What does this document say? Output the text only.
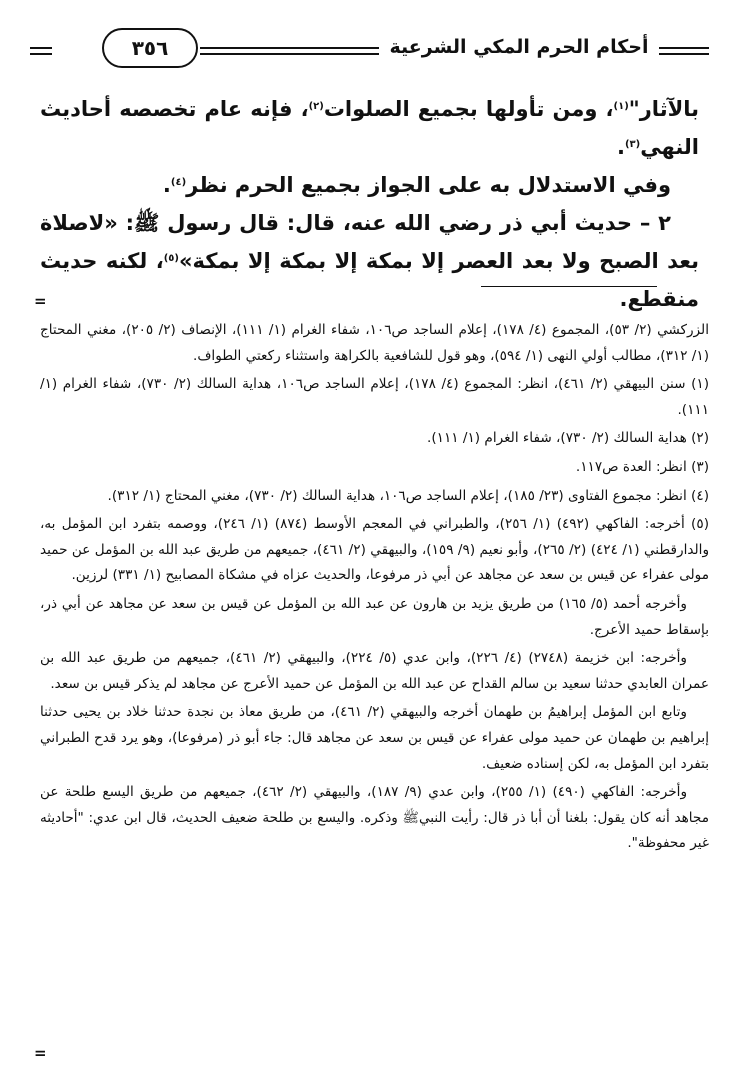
أحكام الحرم المكي الشرعية
٣٥٦

بالآثار"$^{(١)}$، ومن تأولها بجميع الصلوات$^{(٢)}$، فإنه عام تخصصه أحاديث النهي$^{(٣)}$.

وفي الاستدلال به على الجواز بجميع الحرم نظر$^{(٤)}$.

٢ – حديث أبي ذر رضي الله عنه، قال: قال رسول ﷺ: «لاصلاة بعد الصبح ولا بعد العصر إلا بمكة إلا بمكة إلا بمكة»$^{(٥)}$، لكنه حديث منقطع.

=

الزركشي (٢/ ٥٣)، المجموع (٤/ ١٧٨)، إعلام الساجد ص١٠٦، شفاء الغرام (١/ ١١١)، الإنصاف (٢/ ٢٠٥)، مغني المحتاج (١/ ٣١٢)، مطالب أولي النهى (١/ ٥٩٤)، وهو قول للشافعية بالكراهة واستثناء ركعتي الطواف.

(١) سنن البيهقي (٢/ ٤٦١)، انظر: المجموع (٤/ ١٧٨)، إعلام الساجد ص١٠٦، هداية السالك (٢/ ٧٣٠)، شفاء الغرام (١/ ١١١).

(٢) هداية السالك (٢/ ٧٣٠)، شفاء الغرام (١/ ١١١).

(٣) انظر: العدة ص١١٧.

(٤) انظر: مجموع الفتاوى (٢٣/ ١٨٥)، إعلام الساجد ص١٠٦، هداية السالك (٢/ ٧٣٠)، مغني المحتاج (١/ ٣١٢).

(٥) أخرجه: الفاكهي (٤٩٢) (١/ ٢٥٦)، والطبراني في المعجم الأوسط (٨٧٤) (١/ ٢٤٦)، ووصمه بتفرد ابن المؤمل به، والدارقطني (١/ ٤٢٤) (٢/ ٢٦٥)، وأبو نعيم (٩/ ١٥٩)، والبيهقي (٢/ ٤٦١)، جميعهم من طريق عبد الله بن المؤمل عن حميد مولى عفراء عن قيس بن سعد عن مجاهد عن أبي ذر مرفوعا، والحديث عزاه في مشكاة المصابيح (١/ ٣٣١) لرزين.

وأخرجه أحمد (٥/ ١٦٥) من طريق يزيد بن هارون عن عبد الله بن المؤمل عن قيس بن سعد عن مجاهد عن أبي ذر، بإسقاط حميد الأعرج.

وأخرجه: ابن خزيمة (٢٧٤٨) (٤/ ٢٢٦)، وابن عدي (٥/ ٢٢٤)، والبيهقي (٢/ ٤٦١)، جميعهم من طريق عبد الله بن عمران العابدي حدثنا سعيد بن سالم القداح عن عبد الله بن المؤمل عن حميد الأعرج عن مجاهد لم يذكر قيس بن سعد.

وتابع ابن المؤمل إبراهيمُ بن طهمان أخرجه والبيهقي (٢/ ٤٦١)، من طريق معاذ بن نجدة حدثنا خلاد بن يحيى حدثنا إبراهيم بن طهمان عن حميد مولى عفراء عن قيس بن سعد عن مجاهد قال: جاء أبو ذر (مرفوعا)، وهو يرد قدح الطبراني بتفرد ابن المؤمل به، لكن إسناده ضعيف.

وأخرجه: الفاكهي (٤٩٠) (١/ ٢٥٥)، وابن عدي (٩/ ١٨٧)، والبيهقي (٢/ ٤٦٢)، جميعهم من طريق اليسع طلحة عن مجاهد أنه كان يقول: بلغنا أن أبا ذر قال: رأيت النبيﷺ وذكره. واليسع بن طلحة ضعيف الحديث، قال ابن عدي: "أحاديثه غير محفوظة".

=
